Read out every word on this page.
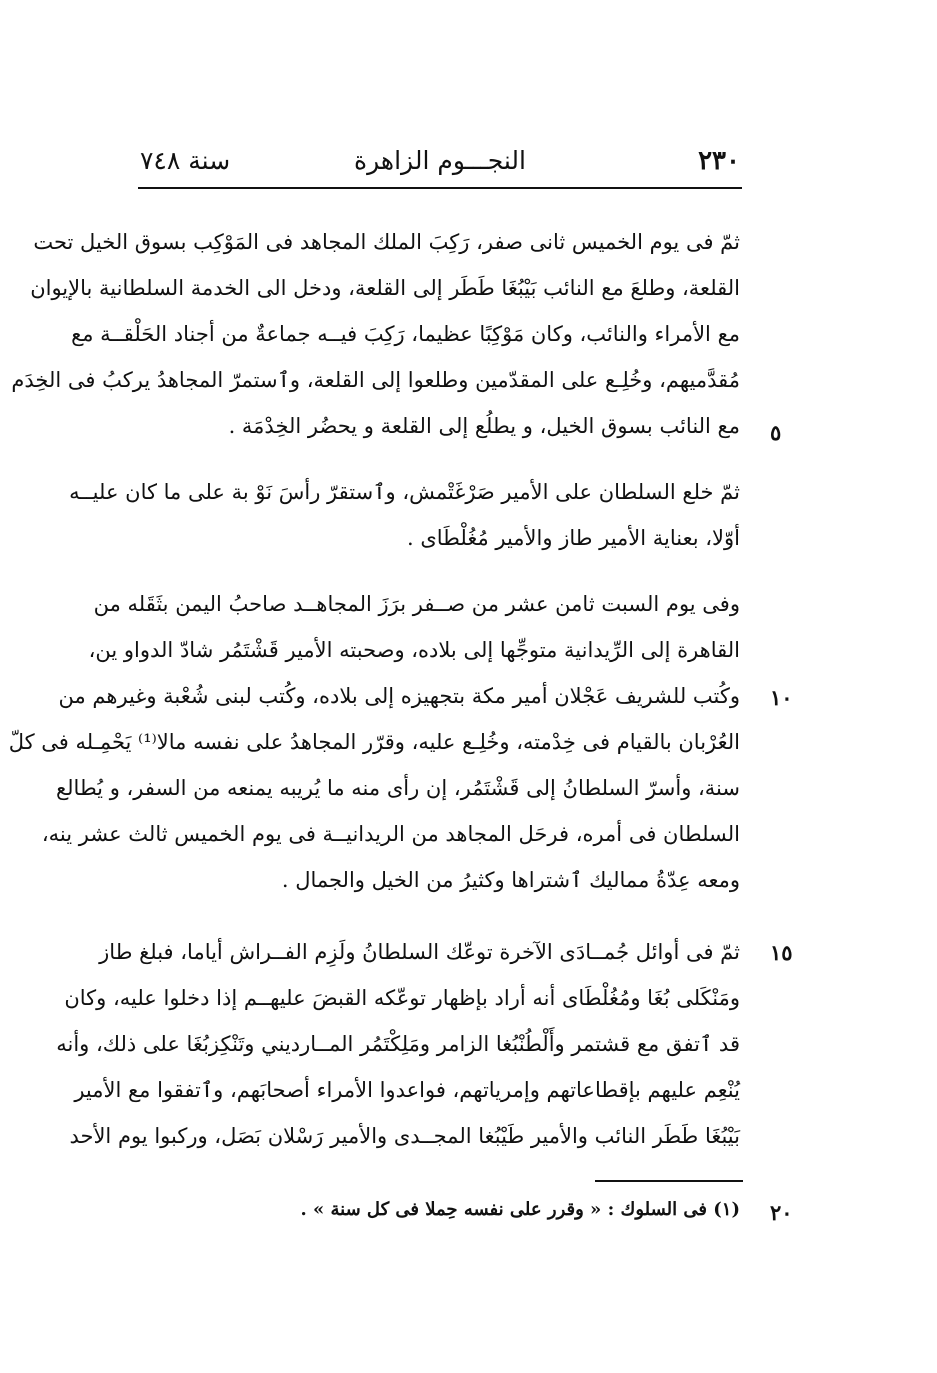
٢٣٠
النجـــوم الزاهرة
سنة ٧٤٨
ثمّ فى يوم الخميس ثانى صفر، رَكِبَ الملك المجاهد فى المَوْكِب بسوق الخيل تحت
القلعة، وطلعَ مع النائب بَيْبُغَا طَطَر إلى القلعة، ودخل الى الخدمة السلطانية بالإيوان
مع الأمراء والنائب، وكان مَوْكِبًا عظيما، رَكِبَ فيــه جماعةٌ من أجناد الحَلْقــة مع
مُقدَّميهم، وخُلِـع على المقدّمين وطلعوا إلى القلعة، وٱستمرّ المجاهدُ يركبُ فى الخِدَم
مع النائب بسوق الخيل، و يطلُع إلى القلعة و يحضُر الخِدْمَة .
ثمّ خلع السلطان على الأمير صَرْغَتْمش، وٱستقرّ رأسَ نَوْ بة على ما كان عليــه
أوّلا، بعناية الأمير طاز والأمير مُغُلْطَاى .
وفى يوم السبت ثامن عشر من صــفر برَزَ المجاهــد صاحبُ اليمن بثَقَله من
القاهرة إلى الرِّيدانية متوجِّها إلى بلاده، وصحبته الأمير قَشْتَمُر شادّ الدواو ين،
وكُتب للشريف عَجْلان أمير مكة بتجهيزه إلى بلاده، وكُتب لبنى شُعْبة وغيرهم من
العُرْبان بالقيام فى خِدْمته، وخُلِـع عليه، وقرّر المجاهدُ على نفسه مالا⁽¹⁾ يَحْمِـله فى كلّ
سنة، وأسرّ السلطانُ إلى قَشْتَمُر، إن رأى منه ما يُريبه يمنعه من السفر، و يُطالع
السلطان فى أمره، فرحَل المجاهد من الريدانيــة فى يوم الخميس ثالث عشر ينه،
ومعه عِدّةُ مماليك ٱشتراها وكثيرُ من الخيل والجمال .
ثمّ فى أوائل جُمــادَى الآخرة توعّك السلطانُ ولَزِم الفــراش أياما، فبلغ طاز
ومَنْكَلى بُغَا ومُغُلْطَاى أنه أراد بإظهار توعّكه القبضَ عليهــم إذا دخلوا عليه، وكان
قد ٱتفق مع قشتمر وأَلْطُنْبُغا الزامر ومَلِكْتَمُر المــارديني وتَنْكِزبُغَا على ذلك، وأنه
يُنْعِم عليهم بإقطاعاتهم وإمرياتهم، فواعدوا الأمراء أصحابَهم، وٱتفقوا مع الأمير
بَيْبُغَا طَطَر النائب والأمير طَيْبُغا المجــدى والأمير رَسْلان بَصَل، وركبوا يوم الأحد
٥
١٠
١٥
٢٠
(١) فى السلوك : « وقرر على نفسه حِملا فى كل سنة » .
